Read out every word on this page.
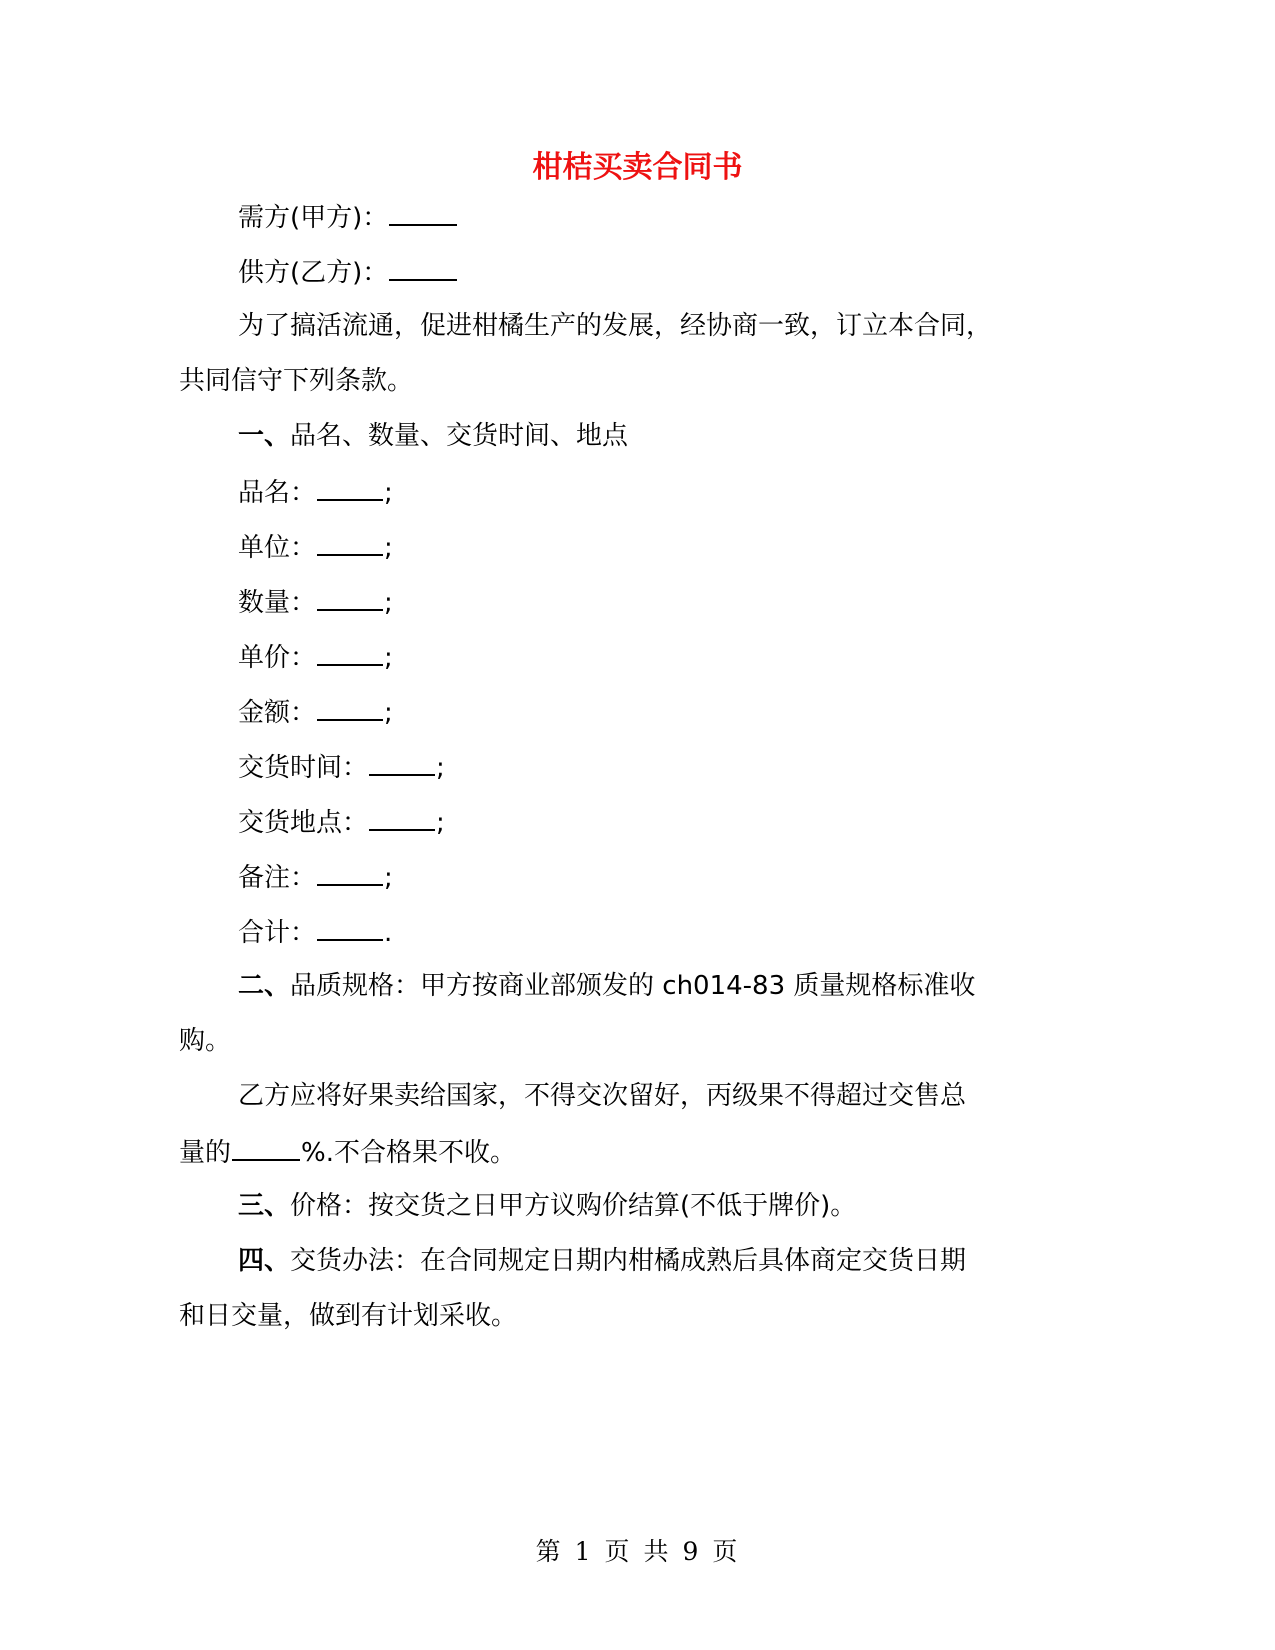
柑桔买卖合同书
需方(甲方)：
供方(乙方)：
为了搞活流通，促进柑橘生产的发展，经协商一致，订立本合同，
共同信守下列条款。
一、品名、数量、交货时间、地点
品名：	;
单位：	;
数量：	;
单价：	;
金额：	;
交货时间：	;
交货地点：	;
备注：	;
合计：	.
二、品质规格：甲方按商业部颁发的 ch014-83 质量规格标准收
购。
乙方应将好果卖给国家，不得交次留好，丙级果不得超过交售总
量的	%.不合格果不收。
三、价格：按交货之日甲方议购价结算(不低于牌价)。
四、交货办法：在合同规定日期内柑橘成熟后具体商定交货日期
和日交量，做到有计划采收。
第 1 页 共 9 页
